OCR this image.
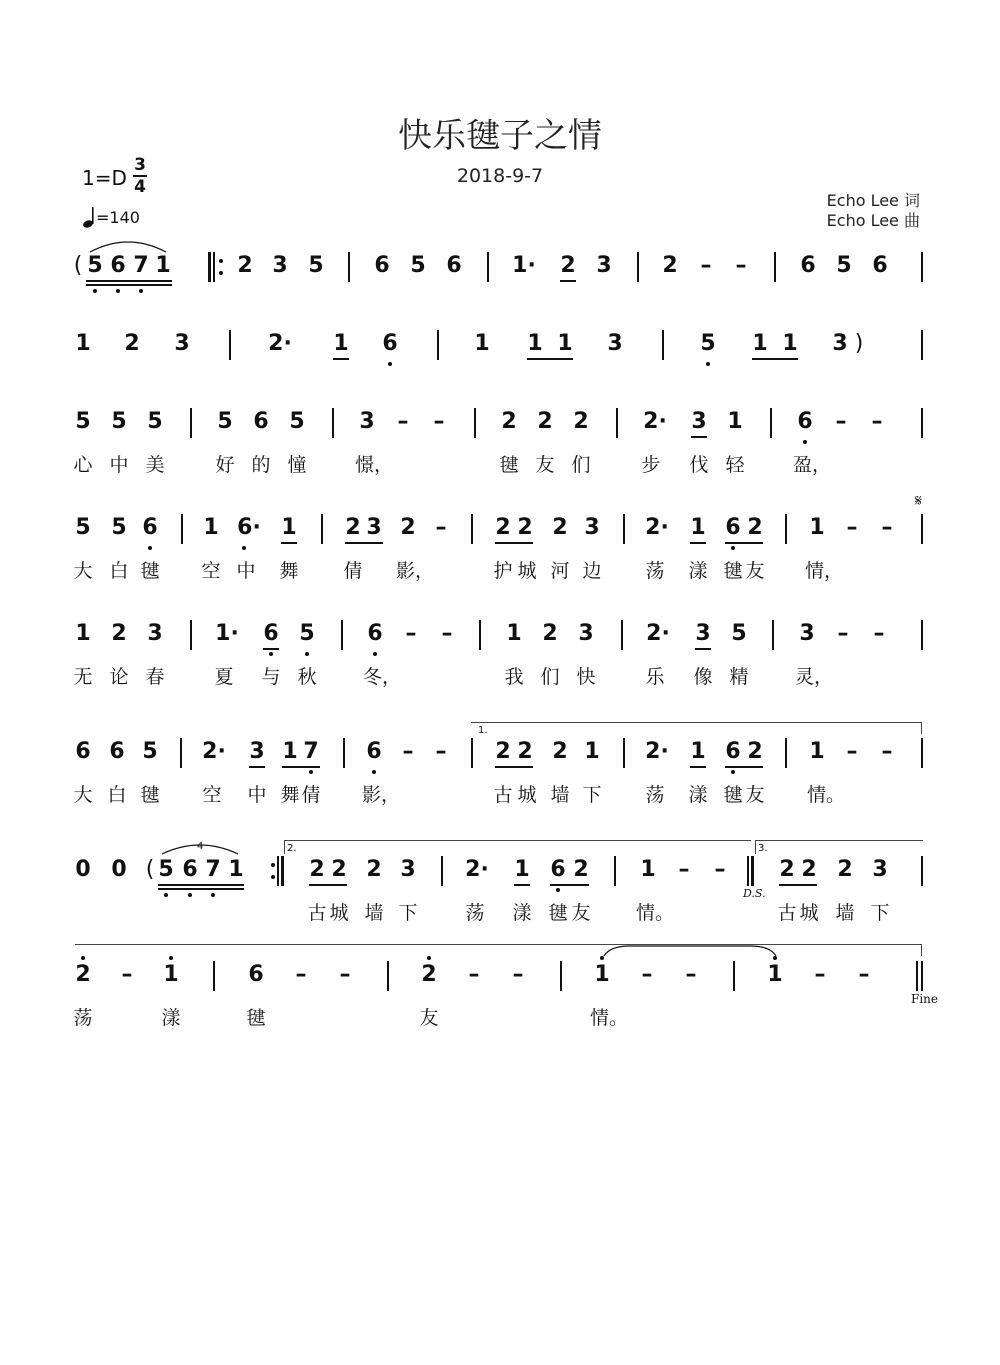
快乐毽子之情
2018-9-7
1=D
3
4
=140
Echo Lee 词
Echo Lee 曲
( 5 6 7 1	2 3 5 6 5 6 1· 2 3 2 – – 6 5 6
1 2 3	2· 1 6	1 1 1 3	5 1 1 3 )
5 5 5 5 6 5 3 – –	2 2 2 2· 3 1 6 – –
心 中 美	好 的 憧	憬，	毽 友 们	步 伐 轻	盈，
5 5 6 1 6· 1 2 3 2 – 2 2 2 3 2· 1 6 2 1 – –
𝄋
大 白 毽 空 中 舞 倩 影，	护 城 河 边 荡 漾 毽 友 情，
1 2 3 1· 6 5 6 – – 1 2 3 2· 3 5 3 – –
无 论 春	夏 与 秋 冬，	我 们 快	乐 像 精 灵，
6 6 5 2· 3 1 7 6 – –
1.
2 2 2 1 2· 1 6 2 1 – –
大 白 毽 空 中 舞 倩 影，	古 城 墙 下 荡 漾 毽 友 情。
0 0 ( 5 6 7 1
4	2.
2 2 2 3 2· 1 6 2 1 – –
D.S.
3.
2 2 2 3
古 城 墙 下	荡 漾 毽 友 情。	古 城 墙 下
2 – 1	6 – –	2 – –	1 – –	1 – –
Fine
荡	漾	毽	友	情。
